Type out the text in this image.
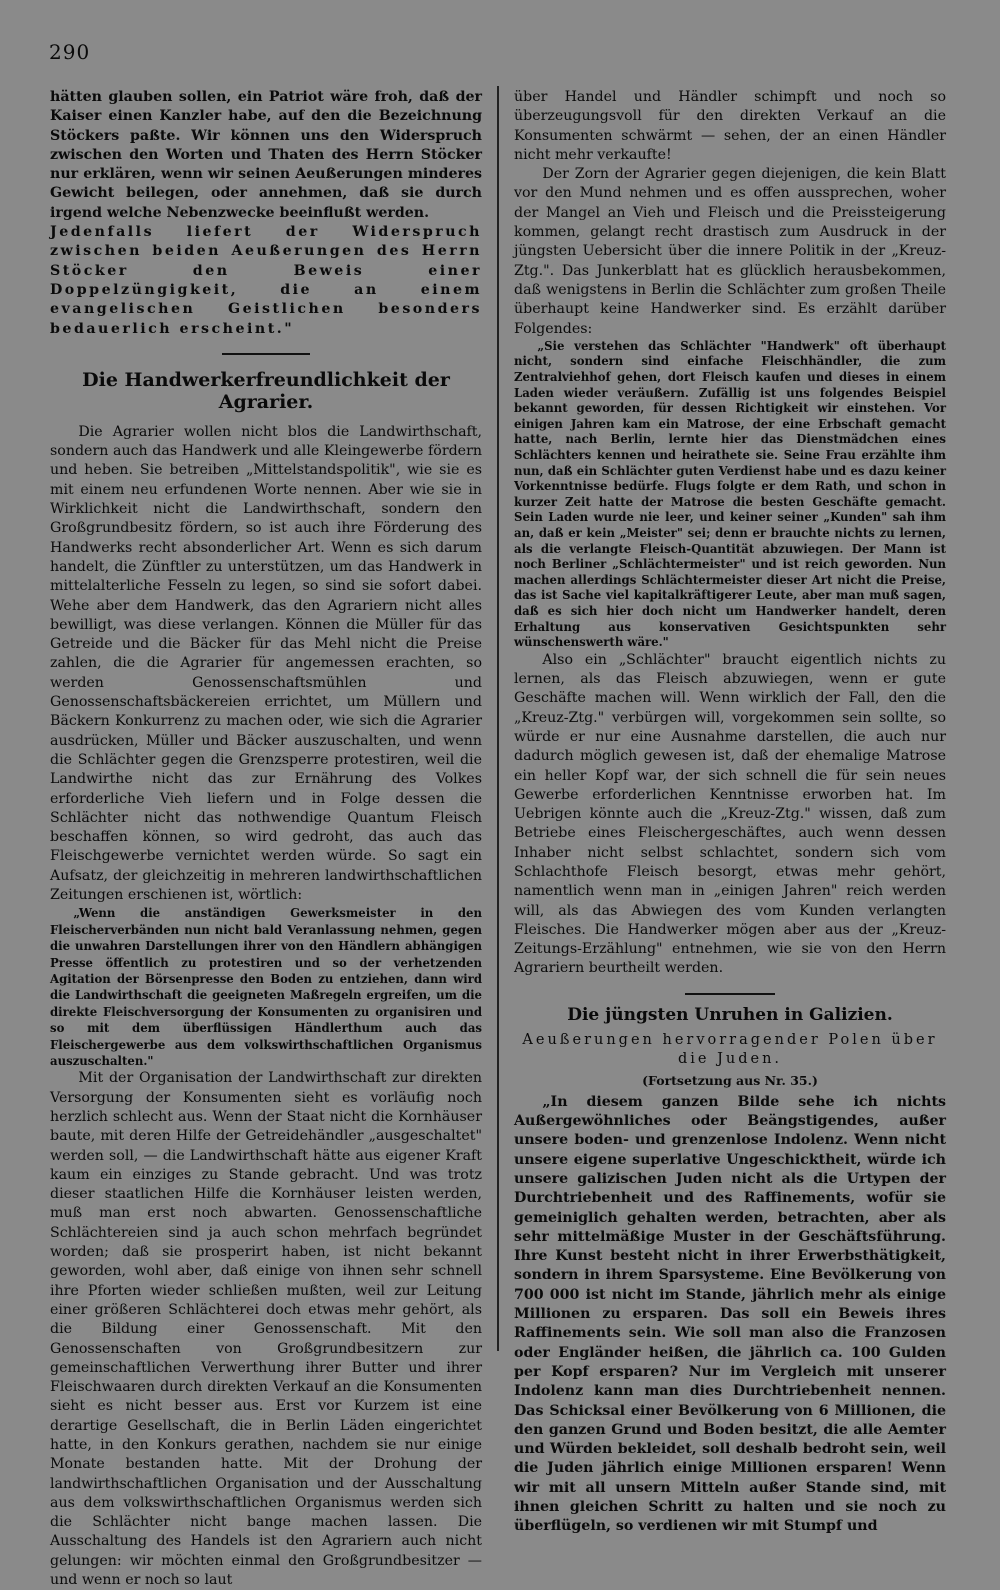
290

hätten glauben sollen, ein Patriot wäre froh, daß der Kaiser einen Kanzler habe, auf den die Bezeichnung Stöckers paßte. Wir können uns den Widerspruch zwischen den Worten und Thaten des Herrn Stöcker nur erklären, wenn wir seinen Aeußerungen minderes Gewicht beilegen, oder annehmen, daß sie durch irgend welche Nebenzwecke beeinflußt werden.

Jedenfalls liefert der Widerspruch zwischen beiden Aeußerungen des Herrn Stöcker den Beweis einer Doppelzüngigkeit, die an einem evangelischen Geistlichen besonders bedauerlich erscheint."

Die Handwerkerfreundlichkeit der Agrarier.

Die Agrarier wollen nicht blos die Landwirthschaft, sondern auch das Handwerk und alle Kleingewerbe fördern und heben. Sie betreiben „Mittelstandspolitik", wie sie es mit einem neu erfundenen Worte nennen. Aber wie sie in Wirklichkeit nicht die Landwirthschaft, sondern den Großgrundbesitz fördern, so ist auch ihre Förderung des Handwerks recht absonderlicher Art. Wenn es sich darum handelt, die Zünftler zu unterstützen, um das Handwerk in mittelalterliche Fesseln zu legen, so sind sie sofort dabei. Wehe aber dem Handwerk, das den Agrariern nicht alles bewilligt, was diese verlangen. Können die Müller für das Getreide und die Bäcker für das Mehl nicht die Preise zahlen, die die Agrarier für angemessen erachten, so werden Genossenschaftsmühlen und Genossenschaftsbäckereien errichtet, um Müllern und Bäckern Konkurrenz zu machen oder, wie sich die Agrarier ausdrücken, Müller und Bäcker auszuschalten, und wenn die Schlächter gegen die Grenzsperre protestiren, weil die Landwirthe nicht das zur Ernährung des Volkes erforderliche Vieh liefern und in Folge dessen die Schlächter nicht das nothwendige Quantum Fleisch beschaffen können, so wird gedroht, das auch das Fleischgewerbe vernichtet werden würde. So sagt ein Aufsatz, der gleichzeitig in mehreren landwirthschaftlichen Zeitungen erschienen ist, wörtlich:

„Wenn die anständigen Gewerksmeister in den Fleischerverbänden nun nicht bald Veranlassung nehmen, gegen die unwahren Darstellungen ihrer von den Händlern abhängigen Presse öffentlich zu protestiren und so der verhetzenden Agitation der Börsenpresse den Boden zu entziehen, dann wird die Landwirthschaft die geeigneten Maßregeln ergreifen, um die direkte Fleischversorgung der Konsumenten zu organisiren und so mit dem überflüssigen Händlerthum auch das Fleischergewerbe aus dem volkswirthschaftlichen Organismus auszuschalten."

Mit der Organisation der Landwirthschaft zur direkten Versorgung der Konsumenten sieht es vorläufig noch herzlich schlecht aus. Wenn der Staat nicht die Kornhäuser baute, mit deren Hilfe der Getreidehändler „ausgeschaltet" werden soll, — die Landwirthschaft hätte aus eigener Kraft kaum ein einziges zu Stande gebracht. Und was trotz dieser staatlichen Hilfe die Kornhäuser leisten werden, muß man erst noch abwarten. Genossenschaftliche Schlächtereien sind ja auch schon mehrfach begründet worden; daß sie prosperirt haben, ist nicht bekannt geworden, wohl aber, daß einige von ihnen sehr schnell ihre Pforten wieder schließen mußten, weil zur Leitung einer größeren Schlächterei doch etwas mehr gehört, als die Bildung einer Genossenschaft. Mit den Genossenschaften von Großgrundbesitzern zur gemeinschaftlichen Verwerthung ihrer Butter und ihrer Fleischwaaren durch direkten Verkauf an die Konsumenten sieht es nicht besser aus. Erst vor Kurzem ist eine derartige Gesellschaft, die in Berlin Läden eingerichtet hatte, in den Konkurs gerathen, nachdem sie nur einige Monate bestanden hatte. Mit der Drohung der landwirthschaftlichen Organisation und der Ausschaltung aus dem volkswirthschaftlichen Organismus werden sich die Schlächter nicht bange machen lassen. Die Ausschaltung des Handels ist den Agrariern auch nicht gelungen: wir möchten einmal den Großgrundbesitzer — und wenn er noch so laut

über Handel und Händler schimpft und noch so überzeugungsvoll für den direkten Verkauf an die Konsumenten schwärmt — sehen, der an einen Händler nicht mehr verkaufte!

Der Zorn der Agrarier gegen diejenigen, die kein Blatt vor den Mund nehmen und es offen aussprechen, woher der Mangel an Vieh und Fleisch und die Preissteigerung kommen, gelangt recht drastisch zum Ausdruck in der jüngsten Uebersicht über die innere Politik in der „Kreuz-Ztg.". Das Junkerblatt hat es glücklich herausbekommen, daß wenigstens in Berlin die Schlächter zum großen Theile überhaupt keine Handwerker sind. Es erzählt darüber Folgendes:

„Sie verstehen das Schlächter "Handwerk" oft überhaupt nicht, sondern sind einfache Fleischhändler, die zum Zentralviehhof gehen, dort Fleisch kaufen und dieses in einem Laden wieder veräußern. Zufällig ist uns folgendes Beispiel bekannt geworden, für dessen Richtigkeit wir einstehen. Vor einigen Jahren kam ein Matrose, der eine Erbschaft gemacht hatte, nach Berlin, lernte hier das Dienstmädchen eines Schlächters kennen und heirathete sie. Seine Frau erzählte ihm nun, daß ein Schlächter guten Verdienst habe und es dazu keiner Vorkenntnisse bedürfe. Flugs folgte er dem Rath, und schon in kurzer Zeit hatte der Matrose die besten Geschäfte gemacht. Sein Laden wurde nie leer, und keiner seiner „Kunden" sah ihm an, daß er kein „Meister" sei; denn er brauchte nichts zu lernen, als die verlangte Fleisch-Quantität abzuwiegen. Der Mann ist noch Berliner „Schlächtermeister" und ist reich geworden. Nun machen allerdings Schlächtermeister dieser Art nicht die Preise, das ist Sache viel kapitalkräftigerer Leute, aber man muß sagen, daß es sich hier doch nicht um Handwerker handelt, deren Erhaltung aus konservativen Gesichtspunkten sehr wünschenswerth wäre."

Also ein „Schlächter" braucht eigentlich nichts zu lernen, als das Fleisch abzuwiegen, wenn er gute Geschäfte machen will. Wenn wirklich der Fall, den die „Kreuz-Ztg." verbürgen will, vorgekommen sein sollte, so würde er nur eine Ausnahme darstellen, die auch nur dadurch möglich gewesen ist, daß der ehemalige Matrose ein heller Kopf war, der sich schnell die für sein neues Gewerbe erforderlichen Kenntnisse erworben hat. Im Uebrigen könnte auch die „Kreuz-Ztg." wissen, daß zum Betriebe eines Fleischergeschäftes, auch wenn dessen Inhaber nicht selbst schlachtet, sondern sich vom Schlachthofe Fleisch besorgt, etwas mehr gehört, namentlich wenn man in „einigen Jahren" reich werden will, als das Abwiegen des vom Kunden verlangten Fleisches. Die Handwerker mögen aber aus der „Kreuz-Zeitungs-Erzählung" entnehmen, wie sie von den Herrn Agrariern beurtheilt werden.

Die jüngsten Unruhen in Galizien.
Aeußerungen hervorragender Polen über die Juden.
(Fortsetzung aus Nr. 35.)

„In diesem ganzen Bilde sehe ich nichts Außergewöhnliches oder Beängstigendes, außer unsere boden- und grenzenlose Indolenz. Wenn nicht unsere eigene superlative Ungeschicktheit, würde ich unsere galizischen Juden nicht als die Urtypen der Durchtriebenheit und des Raffinements, wofür sie gemeiniglich gehalten werden, betrachten, aber als sehr mittelmäßige Muster in der Geschäftsführung. Ihre Kunst besteht nicht in ihrer Erwerbsthätigkeit, sondern in ihrem Sparsysteme. Eine Bevölkerung von 700 000 ist nicht im Stande, jährlich mehr als einige Millionen zu ersparen. Das soll ein Beweis ihres Raffinements sein. Wie soll man also die Franzosen oder Engländer heißen, die jährlich ca. 100 Gulden per Kopf ersparen? Nur im Vergleich mit unserer Indolenz kann man dies Durchtriebenheit nennen. Das Schicksal einer Bevölkerung von 6 Millionen, die den ganzen Grund und Boden besitzt, die alle Aemter und Würden bekleidet, soll deshalb bedroht sein, weil die Juden jährlich einige Millionen ersparen! Wenn wir mit all unsern Mitteln außer Stande sind, mit ihnen gleichen Schritt zu halten und sie noch zu überflügeln, so verdienen wir mit Stumpf und
